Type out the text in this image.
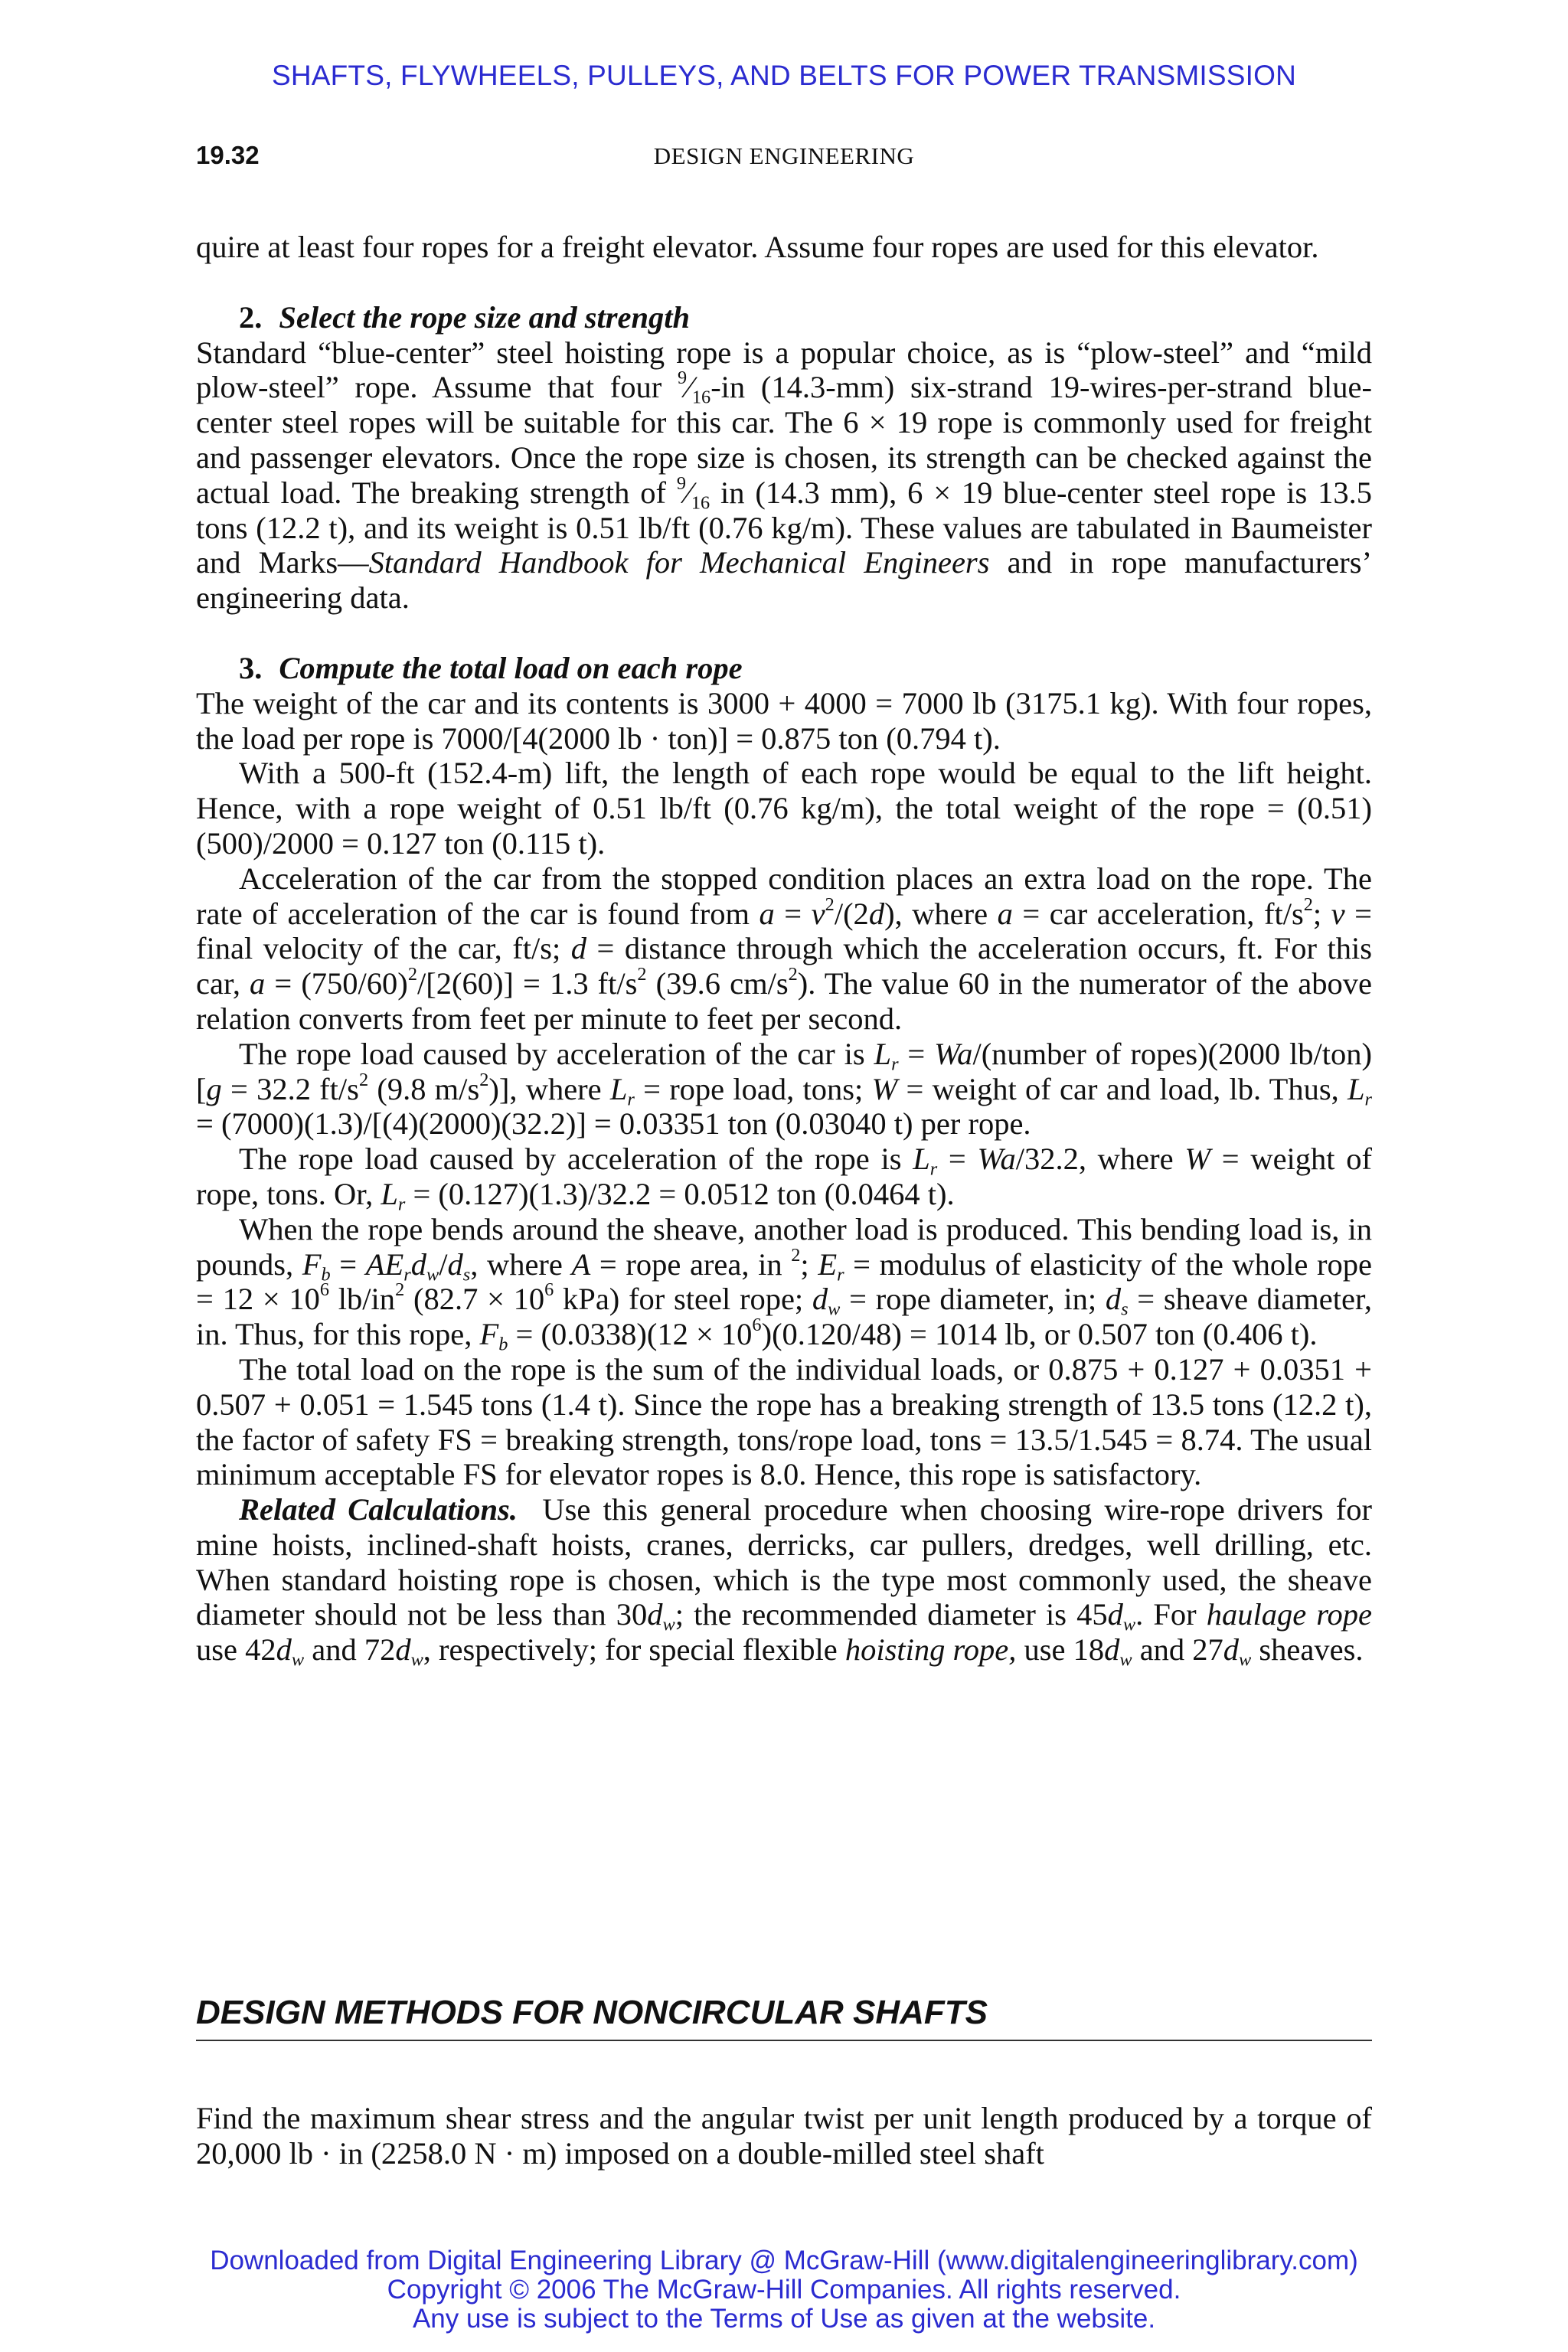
SHAFTS, FLYWHEELS, PULLEYS, AND BELTS FOR POWER TRANSMISSION
19.32	DESIGN ENGINEERING

quire at least four ropes for a freight elevator. Assume four ropes are used for this elevator.

2. Select the rope size and strength

Standard “blue-center” steel hoisting rope is a popular choice, as is “plow-steel” and “mild plow-steel” rope. Assume that four $^9⁄_{16}-in$ (14.3-mm) six-strand 19-wires-per-strand blue-center steel ropes will be suitable for this car. The 6 × 19 rope is commonly used for freight and passenger elevators. Once the rope size is chosen, its strength can be checked against the actual load. The breaking strength of $^9⁄_{16}$ in (14.3 mm), 6 × 19 blue-center steel rope is 13.5 tons (12.2 t), and its weight is 0.51 lb/ft (0.76 kg/m). These values are tabulated in Baumeister and Marks—Standard Handbook for Mechanical Engineers and in rope manufacturers’ engineering data.

3. Compute the total load on each rope

The weight of the car and its contents is 3000 + 4000 = 7000 lb (3175.1 kg). With four ropes, the load per rope is 7000/[4(2000 lb · ton)] = 0.875 ton (0.794 t).

With a 500-ft (152.4-m) lift, the length of each rope would be equal to the lift height. Hence, with a rope weight of 0.51 lb/ft (0.76 kg/m), the total weight of the rope = (0.51)(500)/2000 = 0.127 ton (0.115 t).

Acceleration of the car from the stopped condition places an extra load on the rope. The rate of acceleration of the car is found from $a = v^2/(2d)$, where a = car acceleration, $ft/s^2$; v = final velocity of the car, ft/s; d = distance through which the acceleration occurs, ft. For this car, $a = (750/60)^2/[2(60)] = 1.3$ $ft/s^2$ (39.6 $cm/s^2$). The value 60 in the numerator of the above relation converts from feet per minute to feet per second.

The rope load caused by acceleration of the car is $L_r$ = Wa/(number of ropes)(2000 lb/ton) [g = 32.2 $ft/s^2$ (9.8 $m/s^2$)], where $L_r$ = rope load, tons; W = weight of car and load, lb. Thus, $L_r = (7000)(1.3)/[(4)(2000)(32.2)] = 0.03351$ ton (0.03040 t) per rope.

The rope load caused by acceleration of the rope is $L_r = Wa/32.2$, where W = weight of rope, tons. Or, $L_r = (0.127)(1.3)/32.2 = 0.0512$ ton (0.0464 t).

When the rope bends around the sheave, another load is produced. This bending load is, in pounds, $F_b = AE_rd_w/d_s$, where A = rope area, in $^2$; $E_r$ = modulus of elasticity of the whole rope = $12 \times 10^6$ $lb/in^2$ ($82.7 \times 10^6$ kPa) for steel rope; $d_w$ = rope diameter, in; $d_s$ = sheave diameter, in. Thus, for this rope, $F_b = (0.0338)(12 \times 10^6)(0.120/48) = 1014$ lb, or 0.507 ton (0.406 t).

The total load on the rope is the sum of the individual loads, or 0.875 + 0.127 + 0.0351 + 0.507 + 0.051 = 1.545 tons (1.4 t). Since the rope has a breaking strength of 13.5 tons (12.2 t), the factor of safety FS = breaking strength, tons/rope load, tons = 13.5/1.545 = 8.74. The usual minimum acceptable FS for elevator ropes is 8.0. Hence, this rope is satisfactory.

Related Calculations.  Use this general procedure when choosing wire-rope drivers for mine hoists, inclined-shaft hoists, cranes, derricks, car pullers, dredges, well drilling, etc. When standard hoisting rope is chosen, which is the type most commonly used, the sheave diameter should not be less than $30d_w$; the recommended diameter is $45d_w$. For haulage rope use $42d_w$ and $72d_w$, respectively; for special flexible hoisting rope, use $18d_w$ and $27d_w$ sheaves.

DESIGN METHODS FOR NONCIRCULAR SHAFTS

Find the maximum shear stress and the angular twist per unit length produced by a torque of 20,000 lb · in (2258.0 N · m) imposed on a double-milled steel shaft

Downloaded from Digital Engineering Library @ McGraw-Hill (www.digitalengineeringlibrary.com)
Copyright © 2006 The McGraw-Hill Companies. All rights reserved.
Any use is subject to the Terms of Use as given at the website.
